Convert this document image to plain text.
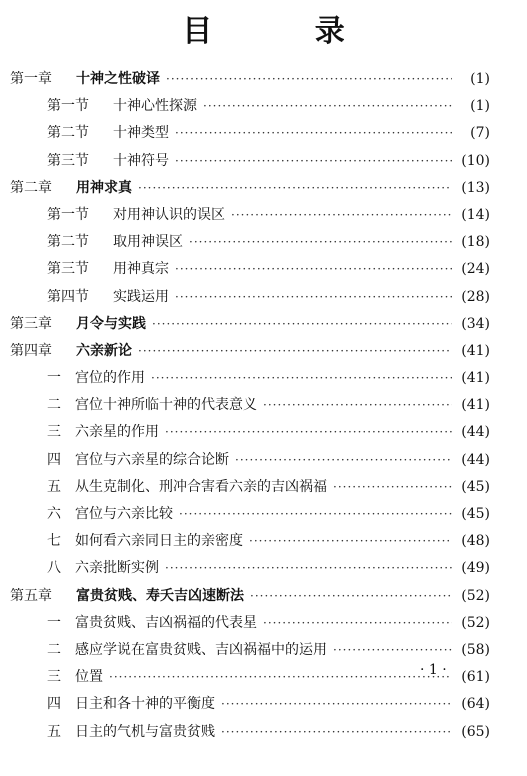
目 录
第一章	十神之性破译 ·····	(1)
第一节	十神心性探源 ·····	(1)
第二节	十神类型 ·····	(7)
第三节	十神符号 ·····	(10)
第二章	用神求真 ·····	(13)
第一节	对用神认识的误区 ·····	(14)
第二节	取用神误区 ·····	(18)
第三节	用神真宗 ·····	(24)
第四节	实践运用 ·····	(28)
第三章	月令与实践 ·····	(34)
第四章	六亲新论 ·····	(41)
一	宫位的作用 ·····	(41)
二	宫位十神所临十神的代表意义 ·····	(41)
三	六亲星的作用 ·····	(44)
四	宫位与六亲星的综合论断 ·····	(44)
五	从生克制化、刑冲合害看六亲的吉凶祸福 ·····	(45)
六	宫位与六亲比较 ·····	(45)
七	如何看六亲同日主的亲密度 ·····	(48)
八	六亲批断实例 ·····	(49)
第五章	富贵贫贱、寿夭吉凶速断法 ·····	(52)
一	富贵贫贱、吉凶祸福的代表星 ·····	(52)
二	感应学说在富贵贫贱、吉凶祸福中的运用 ·····	(58)
三	位置 ·····	(61)
四	日主和各十神的平衡度 ·····	(64)
五	日主的气机与富贵贫贱 ·····	(65)
· 1 ·
